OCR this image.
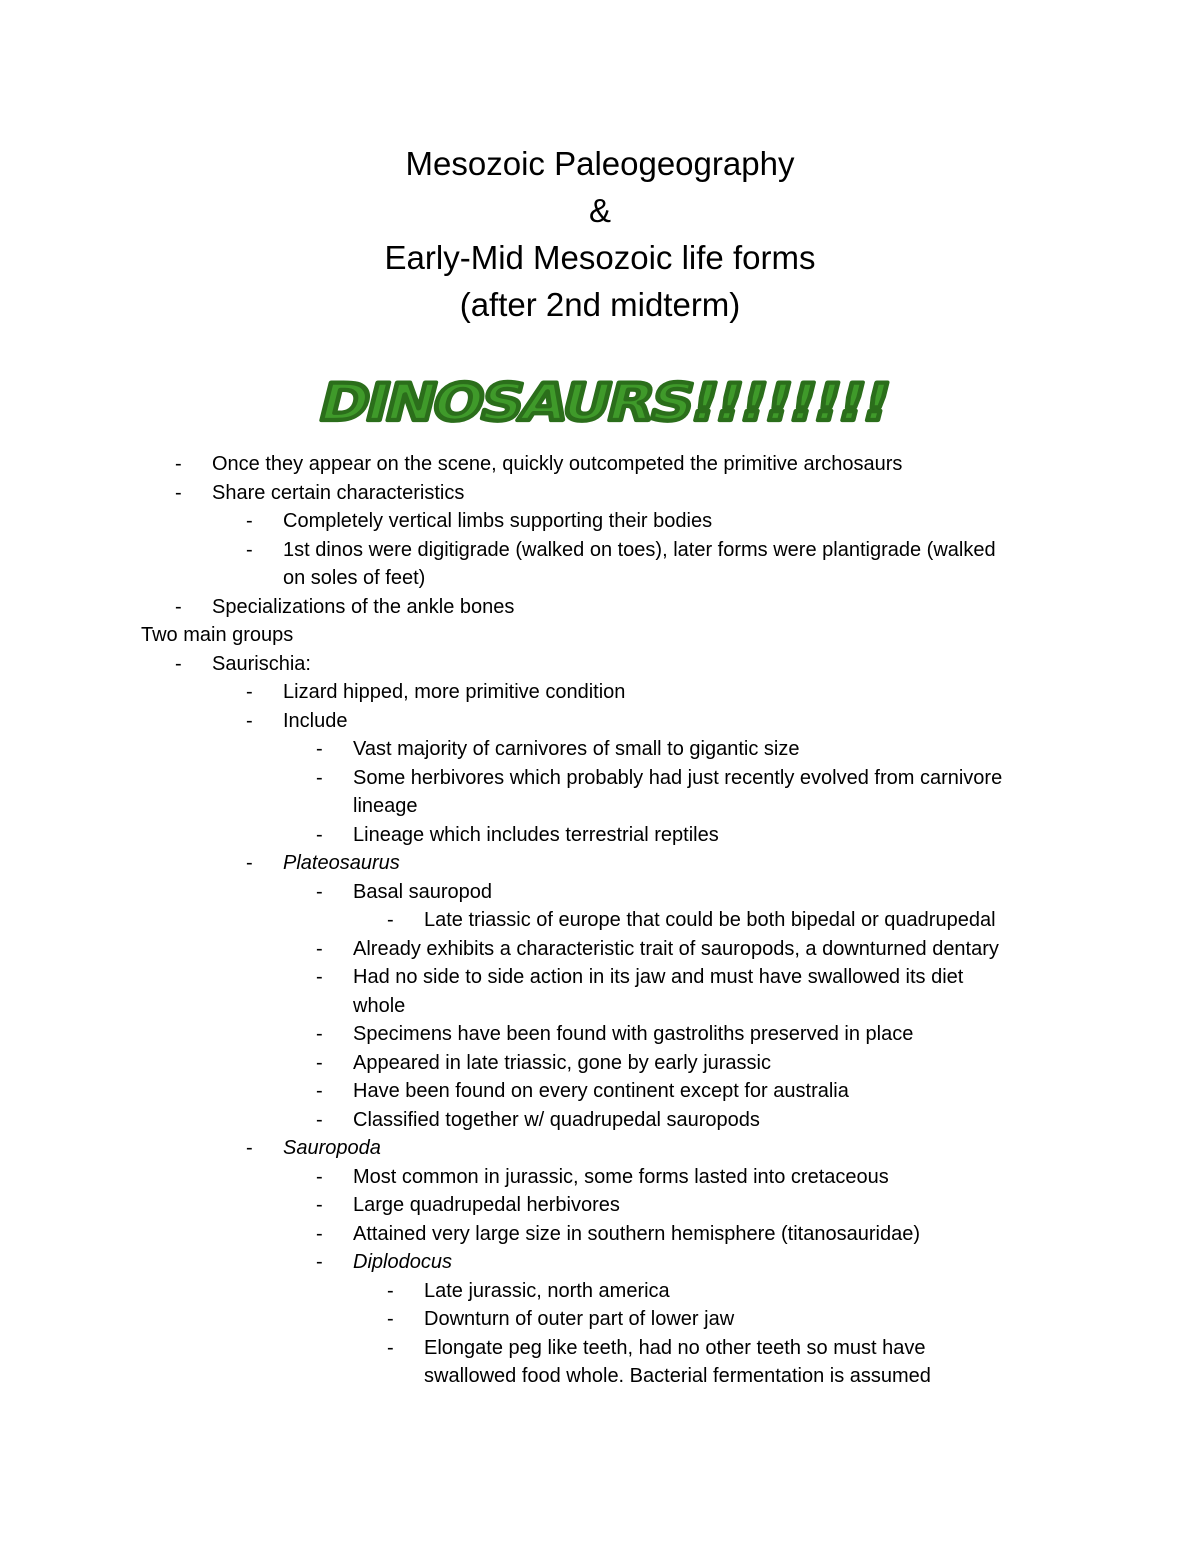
Mesozoic Paleogeography

&

Early-Mid Mesozoic life forms

(after 2nd midterm)

DINOSAURS!!!!!!!!
- Once they appear on the scene, quickly outcompeted the primitive archosaurs
- Share certain characteristics
- Completely vertical limbs supporting their bodies
- 1st dinos were digitigrade (walked on toes), later forms were plantigrade (walked
on soles of feet)
- Specializations of the ankle bones
Two main groups
- Saurischia:
- Lizard hipped, more primitive condition
- Include
- Vast majority of carnivores of small to gigantic size
- Some herbivores which probably had just recently evolved from carnivore
lineage
- Lineage which includes terrestrial reptiles
- Plateosaurus
- Basal sauropod
- Late triassic of europe that could be both bipedal or quadrupedal
- Already exhibits a characteristic trait of sauropods, a downturned dentary
- Had no side to side action in its jaw and must have swallowed its diet
whole
- Specimens have been found with gastroliths preserved in place
- Appeared in late triassic, gone by early jurassic
- Have been found on every continent except for australia
- Classified together w/ quadrupedal sauropods
- Sauropoda
- Most common in jurassic, some forms lasted into cretaceous
- Large quadrupedal herbivores
- Attained very large size in southern hemisphere (titanosauridae)
- Diplodocus
- Late jurassic, north america
- Downturn of outer part of lower jaw
- Elongate peg like teeth, had no other teeth so must have
swallowed food whole. Bacterial fermentation is assumed
